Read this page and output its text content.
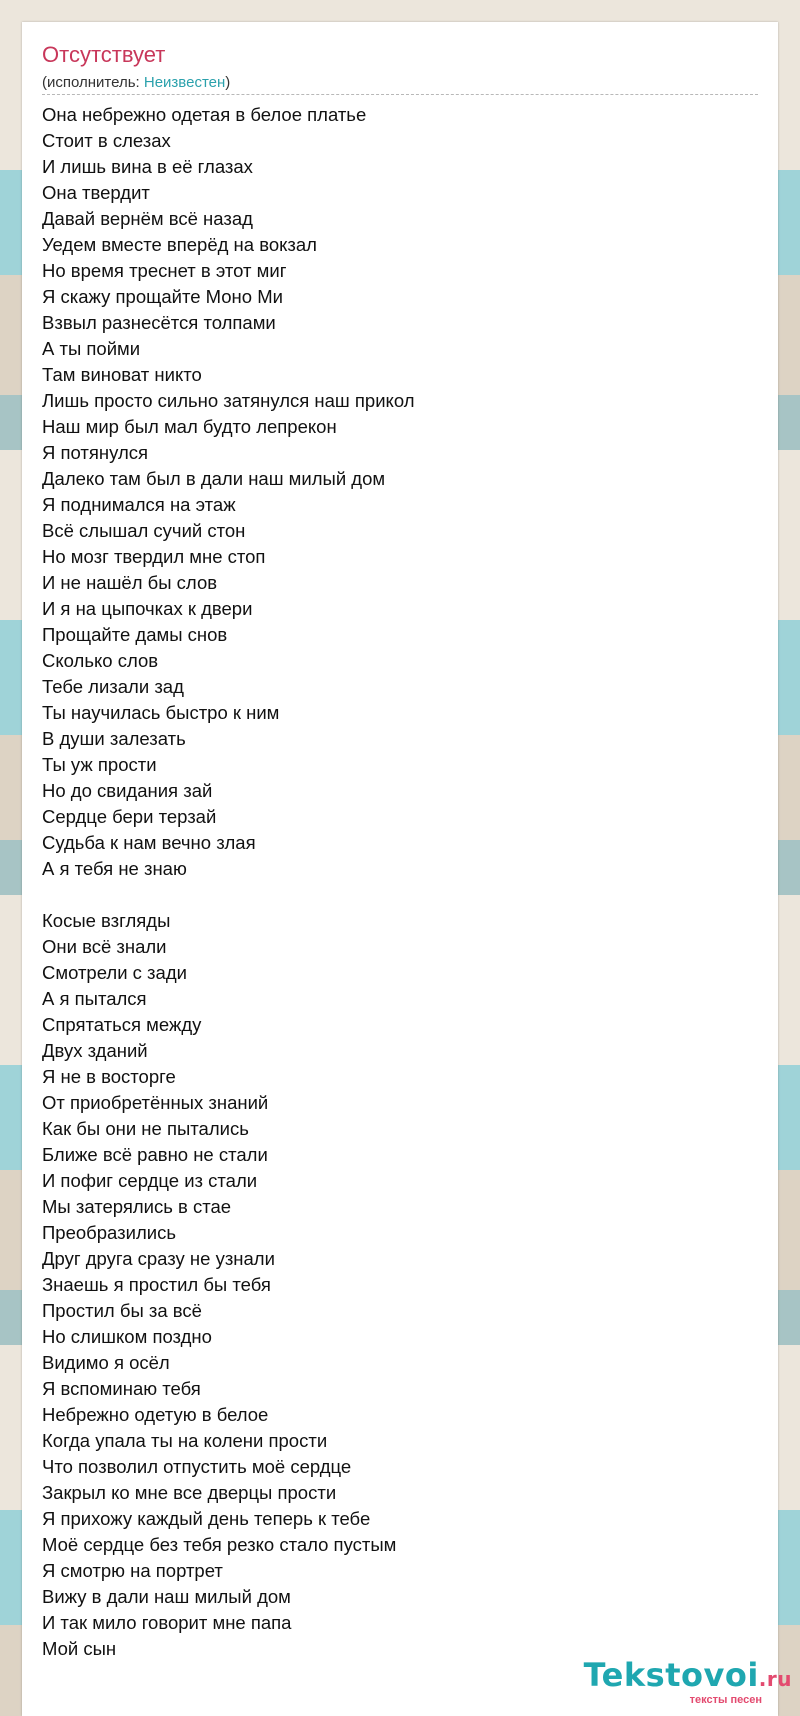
Отсутствует
(исполнитель: Неизвестен)
Она небрежно одетая в белое платье
Стоит в слезах
И лишь вина в её глазах
Она твердит
Давай вернём всё назад
Уедем вместе вперёд на вокзал
Но время треснет в этот миг
Я скажу прощайте Моно Ми
Взвыл разнесётся толпами
А ты пойми
Там виноват никто
Лишь просто сильно затянулся наш прикол
Наш мир был мал будто лепрекон
Я потянулся
Далеко там был в дали наш милый дом
Я поднимался на этаж
Всё слышал сучий стон
Но мозг твердил мне стоп
И не нашёл бы слов
И я на цыпочках к двери
Прощайте дамы снов
Сколько слов
Тебе лизали зад
Ты научилась быстро к ним
В души залезать
Ты уж прости
Но до свидания зай
Сердце бери терзай
Судьба к нам вечно злая
А я тебя не знаю
Косые взгляды
Они всё знали
Смотрели с зади
А я пытался
Спрятаться между
Двух зданий
Я не в восторге
От приобретённых знаний
Как бы они не пытались
Ближе всё равно не стали
И пофиг сердце из стали
Мы затерялись в стае
Преобразились
Друг друга сразу не узнали
Знаешь я простил бы тебя
Простил бы за всё
Но слишком поздно
Видимо я осёл
Я вспоминаю тебя
Небрежно одетую в белое
Когда упала ты на колени прости
Что позволил отпустить моё сердце
Закрыл ко мне все дверцы прости
Я прихожу каждый день теперь к тебе
Моё сердце без тебя резко стало пустым
Я смотрю на портрет
Вижу в дали наш милый дом
И так мило говорит мне папа
Мой сын
Tekstovoi.ru
тексты песен
